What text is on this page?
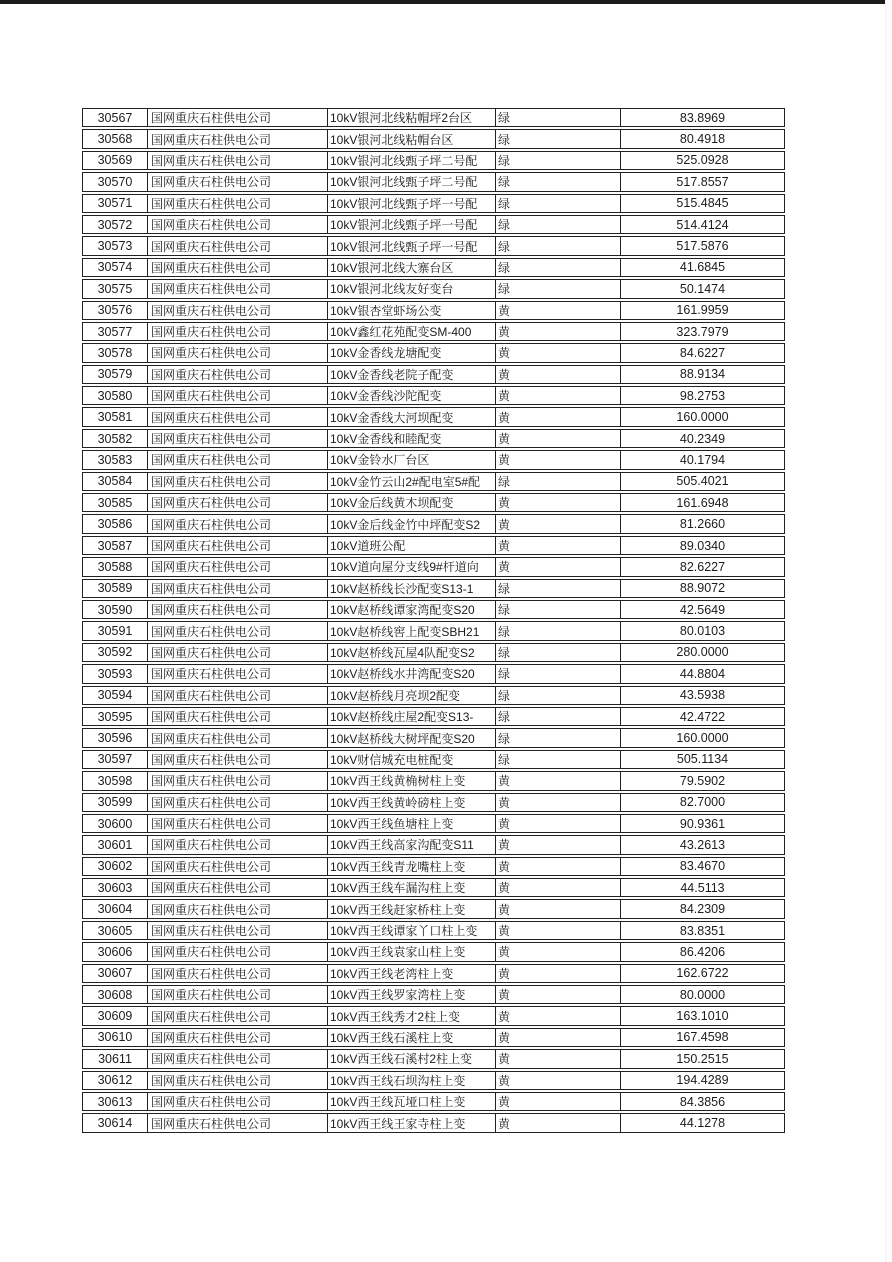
30567	国网重庆石柱供电公司	10kV银河北线粘帽坪2台区	绿	83.8969
30568	国网重庆石柱供电公司	10kV银河北线粘帽台区	绿	80.4918
30569	国网重庆石柱供电公司	10kV银河北线甄子坪二号配	绿	525.0928
30570	国网重庆石柱供电公司	10kV银河北线甄子坪二号配	绿	517.8557
30571	国网重庆石柱供电公司	10kV银河北线甄子坪一号配	绿	515.4845
30572	国网重庆石柱供电公司	10kV银河北线甄子坪一号配	绿	514.4124
30573	国网重庆石柱供电公司	10kV银河北线甄子坪一号配	绿	517.5876
30574	国网重庆石柱供电公司	10kV银河北线大寨台区	绿	41.6845
30575	国网重庆石柱供电公司	10kV银河北线友好变台	绿	50.1474
30576	国网重庆石柱供电公司	10kV银杏堂虾场公变	黄	161.9959
30577	国网重庆石柱供电公司	10kV鑫红花苑配变SM-400	黄	323.7979
30578	国网重庆石柱供电公司	10kV金香线龙塘配变	黄	84.6227
30579	国网重庆石柱供电公司	10kV金香线老院子配变	黄	88.9134
30580	国网重庆石柱供电公司	10kV金香线沙陀配变	黄	98.2753
30581	国网重庆石柱供电公司	10kV金香线大河坝配变	黄	160.0000
30582	国网重庆石柱供电公司	10kV金香线和睦配变	黄	40.2349
30583	国网重庆石柱供电公司	10kV金铃水厂台区	黄	40.1794
30584	国网重庆石柱供电公司	10kV金竹云山2#配电室5#配	绿	505.4021
30585	国网重庆石柱供电公司	10kV金后线黄木坝配变	黄	161.6948
30586	国网重庆石柱供电公司	10kV金后线金竹中坪配变S2	黄	81.2660
30587	国网重庆石柱供电公司	10kV道班公配	黄	89.0340
30588	国网重庆石柱供电公司	10kV道向屋分支线9#杆道向	黄	82.6227
30589	国网重庆石柱供电公司	10kV赵桥线长沙配变S13-1	绿	88.9072
30590	国网重庆石柱供电公司	10kV赵桥线谭家湾配变S20	绿	42.5649
30591	国网重庆石柱供电公司	10kV赵桥线窖上配变SBH21	绿	80.0103
30592	国网重庆石柱供电公司	10kV赵桥线瓦屋4队配变S2	绿	280.0000
30593	国网重庆石柱供电公司	10kV赵桥线水井湾配变S20	绿	44.8804
30594	国网重庆石柱供电公司	10kV赵桥线月亮坝2配变	绿	43.5938
30595	国网重庆石柱供电公司	10kV赵桥线庄屋2配变S13-	绿	42.4722
30596	国网重庆石柱供电公司	10kV赵桥线大树坪配变S20	绿	160.0000
30597	国网重庆石柱供电公司	10kV财信城充电桩配变	绿	505.1134
30598	国网重庆石柱供电公司	10kV西王线黄桷树柱上变	黄	79.5902
30599	国网重庆石柱供电公司	10kV西王线黄岭磅柱上变	黄	82.7000
30600	国网重庆石柱供电公司	10kV西王线鱼塘柱上变	黄	90.9361
30601	国网重庆石柱供电公司	10kV西王线高家沟配变S11	黄	43.2613
30602	国网重庆石柱供电公司	10kV西王线青龙嘴柱上变	黄	83.4670
30603	国网重庆石柱供电公司	10kV西王线车漏沟柱上变	黄	44.5113
30604	国网重庆石柱供电公司	10kV西王线赶家桥柱上变	黄	84.2309
30605	国网重庆石柱供电公司	10kV西王线谭家丫口柱上变	黄	83.8351
30606	国网重庆石柱供电公司	10kV西王线袁家山柱上变	黄	86.4206
30607	国网重庆石柱供电公司	10kV西王线老湾柱上变	黄	162.6722
30608	国网重庆石柱供电公司	10kV西王线罗家湾柱上变	黄	80.0000
30609	国网重庆石柱供电公司	10kV西王线秀才2柱上变	黄	163.1010
30610	国网重庆石柱供电公司	10kV西王线石溪柱上变	黄	167.4598
30611	国网重庆石柱供电公司	10kV西王线石溪村2柱上变	黄	150.2515
30612	国网重庆石柱供电公司	10kV西王线石坝沟柱上变	黄	194.4289
30613	国网重庆石柱供电公司	10kV西王线瓦垭口柱上变	黄	84.3856
30614	国网重庆石柱供电公司	10kV西王线王家寺柱上变	黄	44.1278
